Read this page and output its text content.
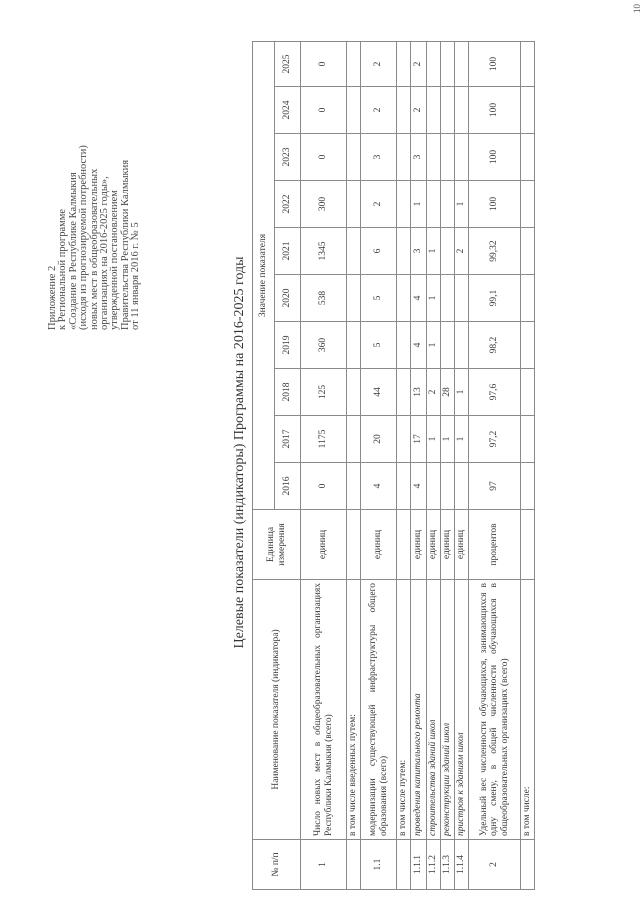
Приложение 2 к Региональной программе «Создание в Республике Калмыкия (исходя из прогнозируемой потребности) новых мест в общеобразовательных организациях на 2016-2025 годы», утвержденной постановлением Правительства Республики Калмыкия от 11 января 2016 г. № 5	Целевые показатели (индикаторы) Программы на 2016-2025 годы
№ п/п	Наименование показателя (индикатора)	Единица измерения	Значение показателя									
			2016	2017	2018	2019	2020	2021	2022	2023	2024	2025
1	Число новых мест в общеобразовательных организациях Республики Калмыкия (всего)	единиц	0	1175	125	360	538	1345	300	0	0	0
	в том числе введенных путем:											
1.1	модернизации существующей инфраструктуры общего образования (всего)	единиц	4	20	44	5	5	6	2	3	2	2
	в том числе путем:											
1.1.1	проведения капитального ремонта	единиц	4	17	13	4	4	3	1	3	2	2
1.1.2	строительства зданий школ	единиц		1	2	1	1	1				
1.1.3	реконструкции зданий школ	единиц		1	28							
1.1.4	пристроя к зданиям школ	единиц		1	1			2	1			
2	Удельный вес численности обучающихся, занимающихся в одну смену, в общей численности обучающихся в общеобразовательных организациях (всего)	процентов	97	97,2	97,6	98,2	99,1	99,32	100	100	100	100
	в том числе:											
10
